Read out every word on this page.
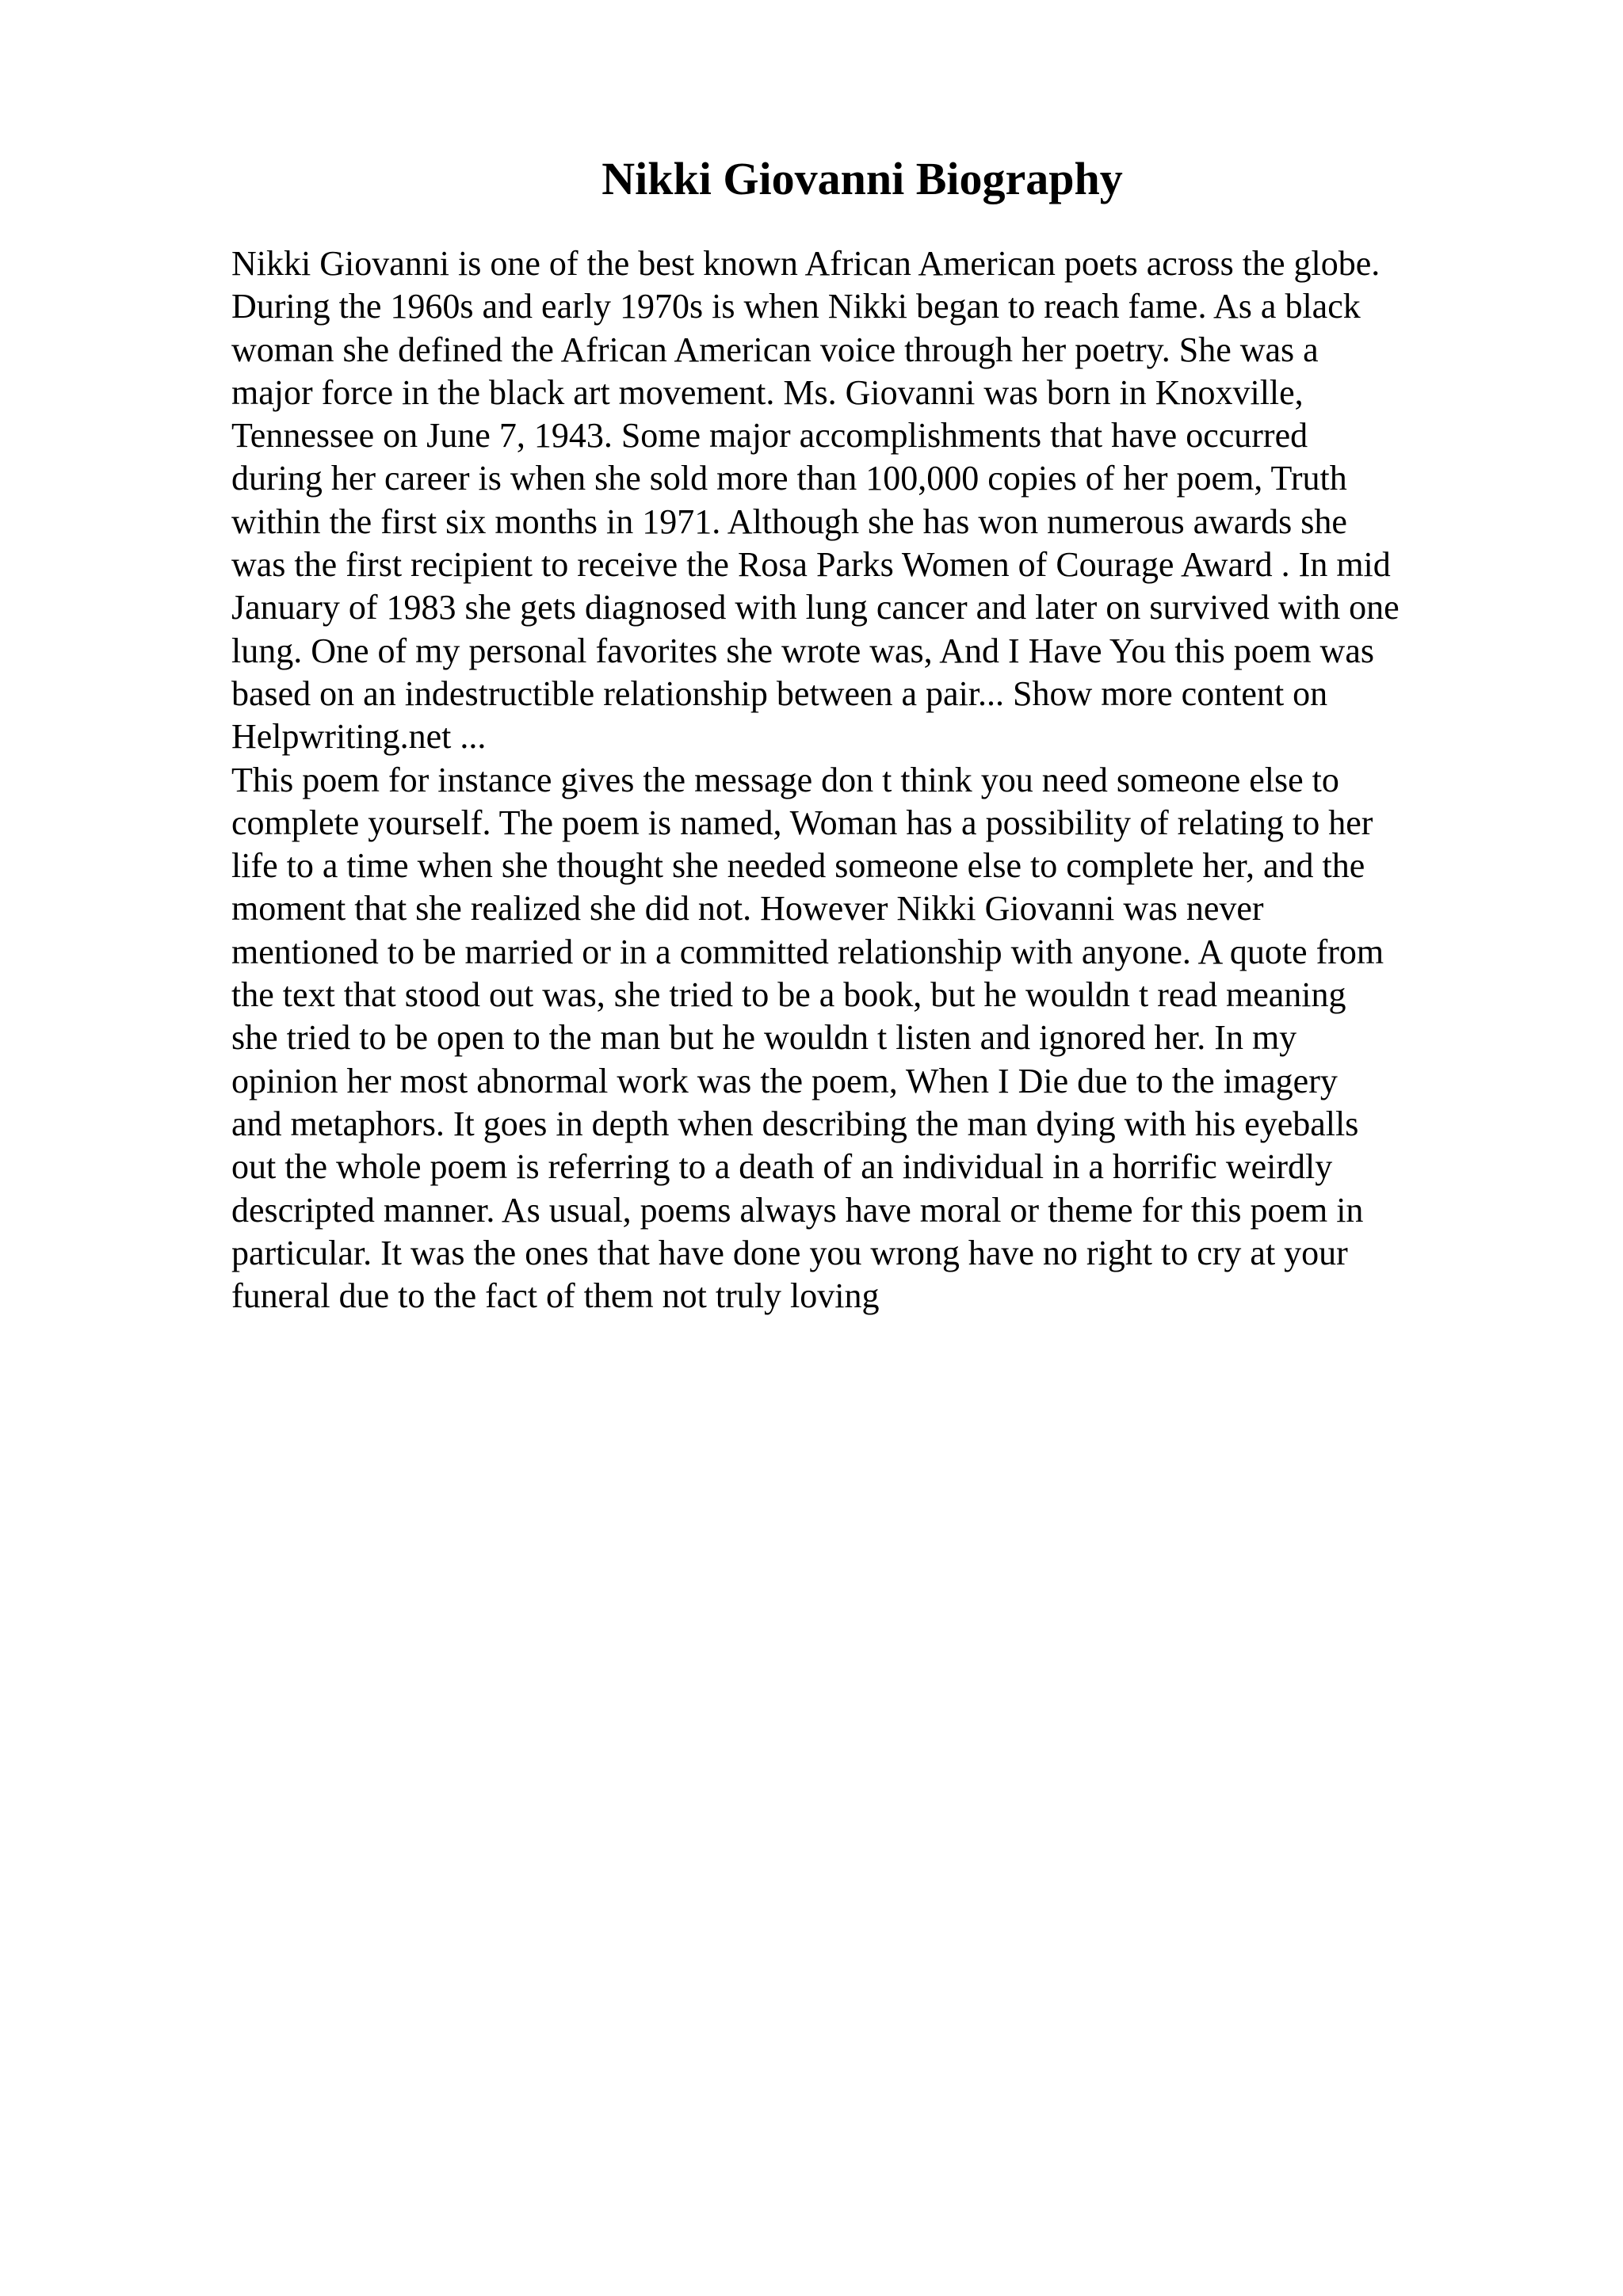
Nikki Giovanni Biography
Nikki Giovanni is one of the best known African American poets across the globe.
During the 1960s and early 1970s is when Nikki began to reach fame. As a black
woman she defined the African American voice through her poetry. She was a
major force in the black art movement. Ms. Giovanni was born in Knoxville,
Tennessee on June 7, 1943. Some major accomplishments that have occurred
during her career is when she sold more than 100,000 copies of her poem, Truth
within the first six months in 1971. Although she has won numerous awards she
was the first recipient to receive the Rosa Parks Women of Courage Award . In mid
January of 1983 she gets diagnosed with lung cancer and later on survived with one
lung. One of my personal favorites she wrote was, And I Have You this poem was
based on an indestructible relationship between a pair... Show more content on
Helpwriting.net ...
This poem for instance gives the message don t think you need someone else to
complete yourself. The poem is named, Woman has a possibility of relating to her
life to a time when she thought she needed someone else to complete her, and the
moment that she realized she did not. However Nikki Giovanni was never
mentioned to be married or in a committed relationship with anyone. A quote from
the text that stood out was, she tried to be a book, but he wouldn t read meaning
she tried to be open to the man but he wouldn t listen and ignored her. In my
opinion her most abnormal work was the poem, When I Die due to the imagery
and metaphors. It goes in depth when describing the man dying with his eyeballs
out the whole poem is referring to a death of an individual in a horrific weirdly
descripted manner. As usual, poems always have moral or theme for this poem in
particular. It was the ones that have done you wrong have no right to cry at your
funeral due to the fact of them not truly loving
